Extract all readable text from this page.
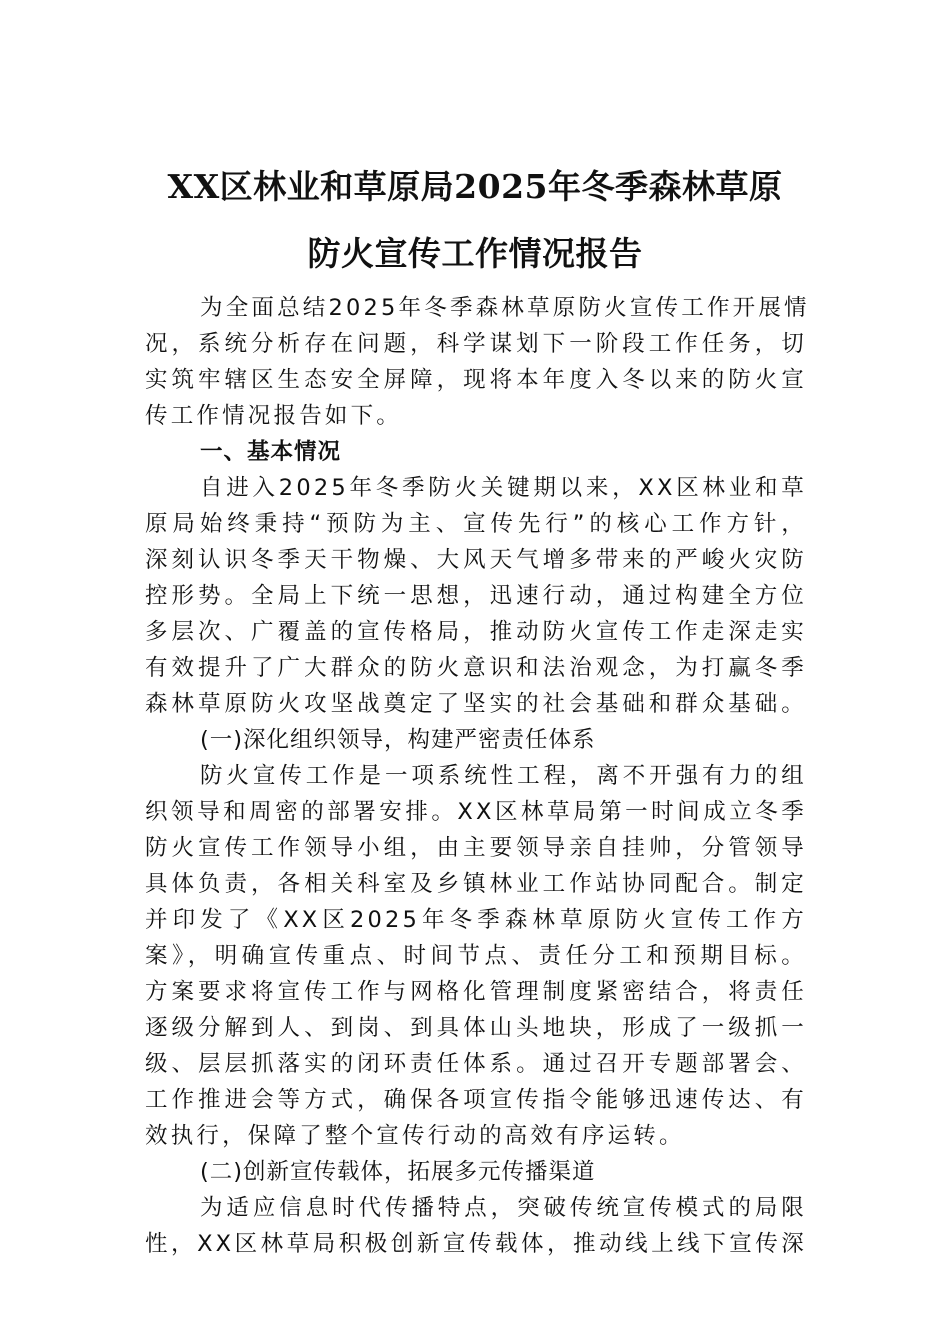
XX区林业和草原局2025年冬季森林草原
防火宣传工作情况报告
为全面总结2025年冬季森林草原防火宣传工作开展情
况，系统分析存在问题，科学谋划下一阶段工作任务，切
实筑牢辖区生态安全屏障，现将本年度入冬以来的防火宣
传工作情况报告如下。
一、基本情况
自进入2025年冬季防火关键期以来，XX区林业和草
原局始终秉持“预防为主、宣传先行”的核心工作方针，
深刻认识冬季天干物燥、大风天气增多带来的严峻火灾防
控形势。全局上下统一思想，迅速行动，通过构建全方位
多层次、广覆盖的宣传格局，推动防火宣传工作走深走实
有效提升了广大群众的防火意识和法治观念，为打赢冬季
森林草原防火攻坚战奠定了坚实的社会基础和群众基础。
(一)深化组织领导，构建严密责任体系
防火宣传工作是一项系统性工程，离不开强有力的组
织领导和周密的部署安排。XX区林草局第一时间成立冬季
防火宣传工作领导小组，由主要领导亲自挂帅，分管领导
具体负责，各相关科室及乡镇林业工作站协同配合。制定
并印发了《XX区2025年冬季森林草原防火宣传工作方
案》，明确宣传重点、时间节点、责任分工和预期目标。
方案要求将宣传工作与网格化管理制度紧密结合，将责任
逐级分解到人、到岗、到具体山头地块，形成了一级抓一
级、层层抓落实的闭环责任体系。通过召开专题部署会、
工作推进会等方式，确保各项宣传指令能够迅速传达、有
效执行，保障了整个宣传行动的高效有序运转。
(二)创新宣传载体，拓展多元传播渠道
为适应信息时代传播特点，突破传统宣传模式的局限
性，XX区林草局积极创新宣传载体，推动线上线下宣传深
